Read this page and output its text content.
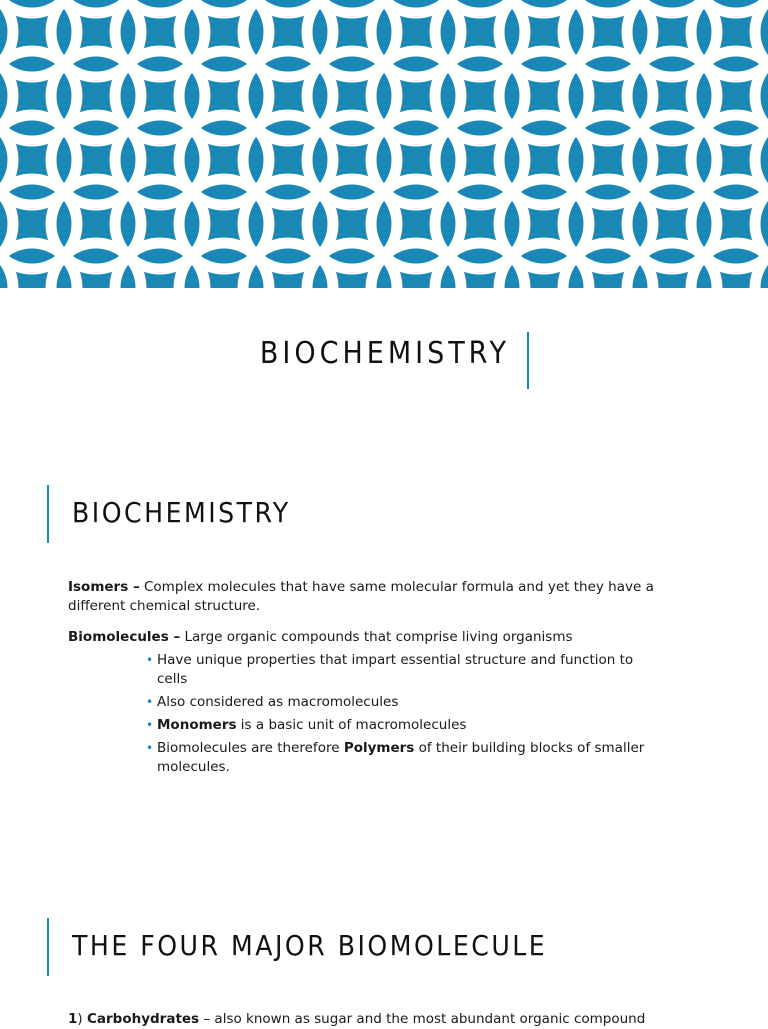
BIOCHEMISTRY
BIOCHEMISTRY
Isomers – Complex molecules that have same molecular formula and yet they have a different chemical structure.
Biomolecules – Large organic compounds that comprise living organisms
• Have unique properties that impart essential structure and function to cells
• Also considered as macromolecules
• Monomers is a basic unit of macromolecules
• Biomolecules are therefore Polymers of their building blocks of smaller molecules.
THE FOUR MAJOR BIOMOLECULE
1) Carbohydrates – also known as sugar and the most abundant organic compound
